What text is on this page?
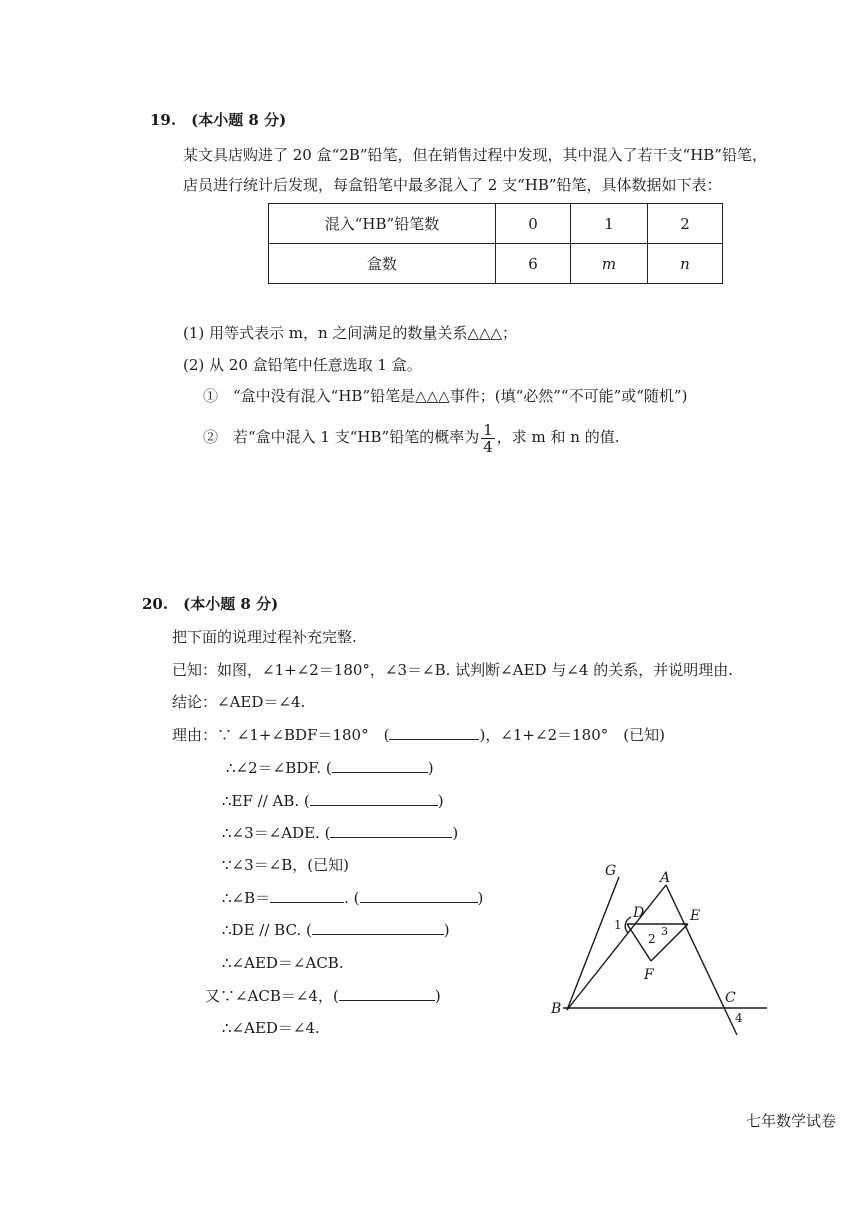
19.　(本小题 8 分)
某文具店购进了 20 盒“2B”铅笔，但在销售过程中发现，其中混入了若干支“HB”铅笔，
店员进行统计后发现，每盒铅笔中最多混入了 2 支“HB”铅笔，具体数据如下表：
混入“HB”铅笔数	0	1	2
盒数	6	m	n
(1) 用等式表示 m，n 之间满足的数量关系△△△；
(2) 从 20 盒铅笔中任意选取 1 盒。
①　“盒中没有混入“HB”铅笔是△△△事件；(填“必然”“不可能”或“随机”)
②　若“盒中混入 1 支“HB”铅笔的概率为 $\frac{1}{4}$ ，求 m 和 n 的值.
20.　(本小题 8 分)
把下面的说理过程补充完整.
已知：如图，∠1+∠2＝180°，∠3＝∠B. 试判断∠AED 与∠4 的关系，并说明理由.
结论：∠AED＝∠4.
理由：∵ ∠1+∠BDF＝180°　(	)，∠1+∠2＝180°　(已知)
∴∠2＝∠BDF. (	)
∴EF // AB. (	)
∴∠3＝∠ADE. (	)
∵∠3＝∠B，(已知)
∴∠B＝	. (	)
∴DE // BC. (	)
∴∠AED＝∠ACB.
又∵∠ACB＝∠4，(	)
∴∠AED＝∠4.
G	A
D	E
1
2
3
F
B
C
4
七年数学试卷
